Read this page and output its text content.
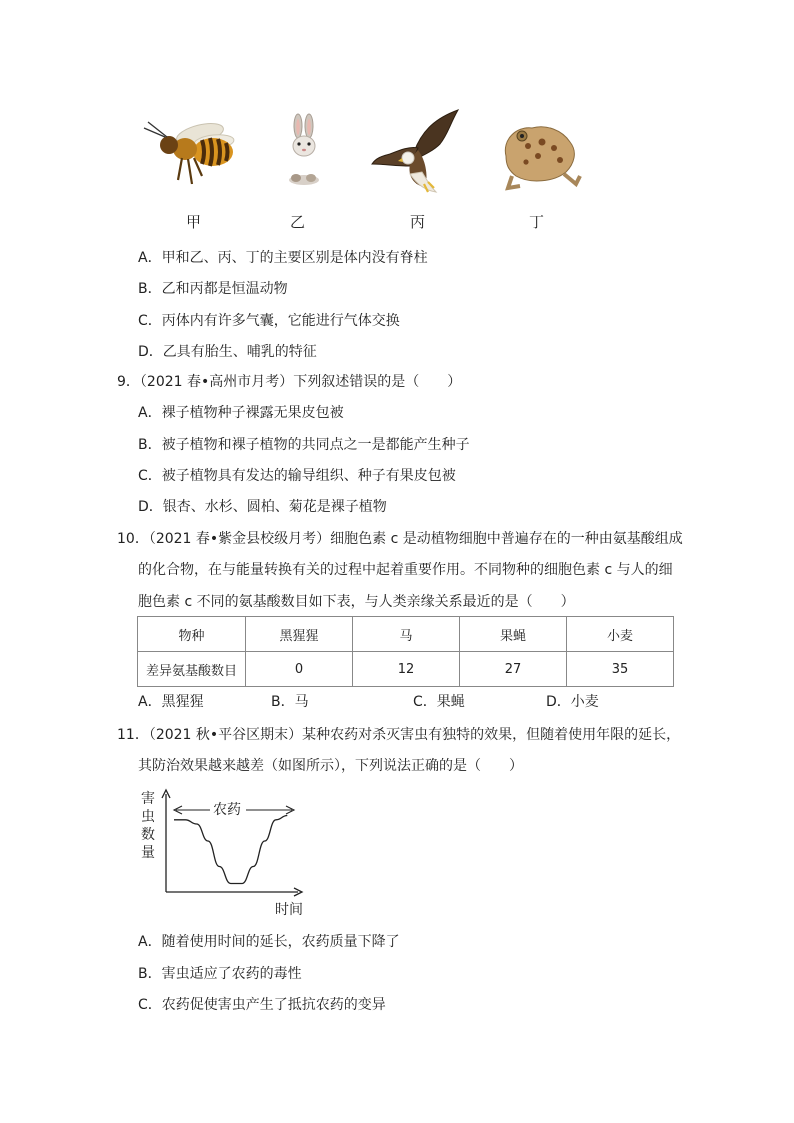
甲	乙	丙	丁
A．甲和乙、丙、丁的主要区别是体内没有脊柱
B．乙和丙都是恒温动物
C．丙体内有许多气囊，它能进行气体交换
D．乙具有胎生、哺乳的特征
9．（2021 春•高州市月考）下列叙述错误的是（　　）
A．裸子植物种子裸露无果皮包被
B．被子植物和裸子植物的共同点之一是都能产生种子
C．被子植物具有发达的输导组织、种子有果皮包被
D．银杏、水杉、圆柏、菊花是裸子植物
10．（2021 春•紫金县校级月考）细胞色素 c 是动植物细胞中普遍存在的一种由氨基酸组成
的化合物，在与能量转换有关的过程中起着重要作用。不同物种的细胞色素 c 与人的细
胞色素 c 不同的氨基酸数目如下表，与人类亲缘关系最近的是（　　）
物种	黑猩猩	马	果蝇	小麦
差异氨基酸数目	0	12	27	35
A．黑猩猩	B．马	C．果蝇	D．小麦
11．（2021 秋•平谷区期末）某种农药对杀灭害虫有独特的效果，但随着使用年限的延长，
其防治效果越来越差（如图所示），下列说法正确的是（　　）
害
虫
数
量
农药
时间
A．随着使用时间的延长，农药质量下降了
B．害虫适应了农药的毒性
C．农药促使害虫产生了抵抗农药的变异
